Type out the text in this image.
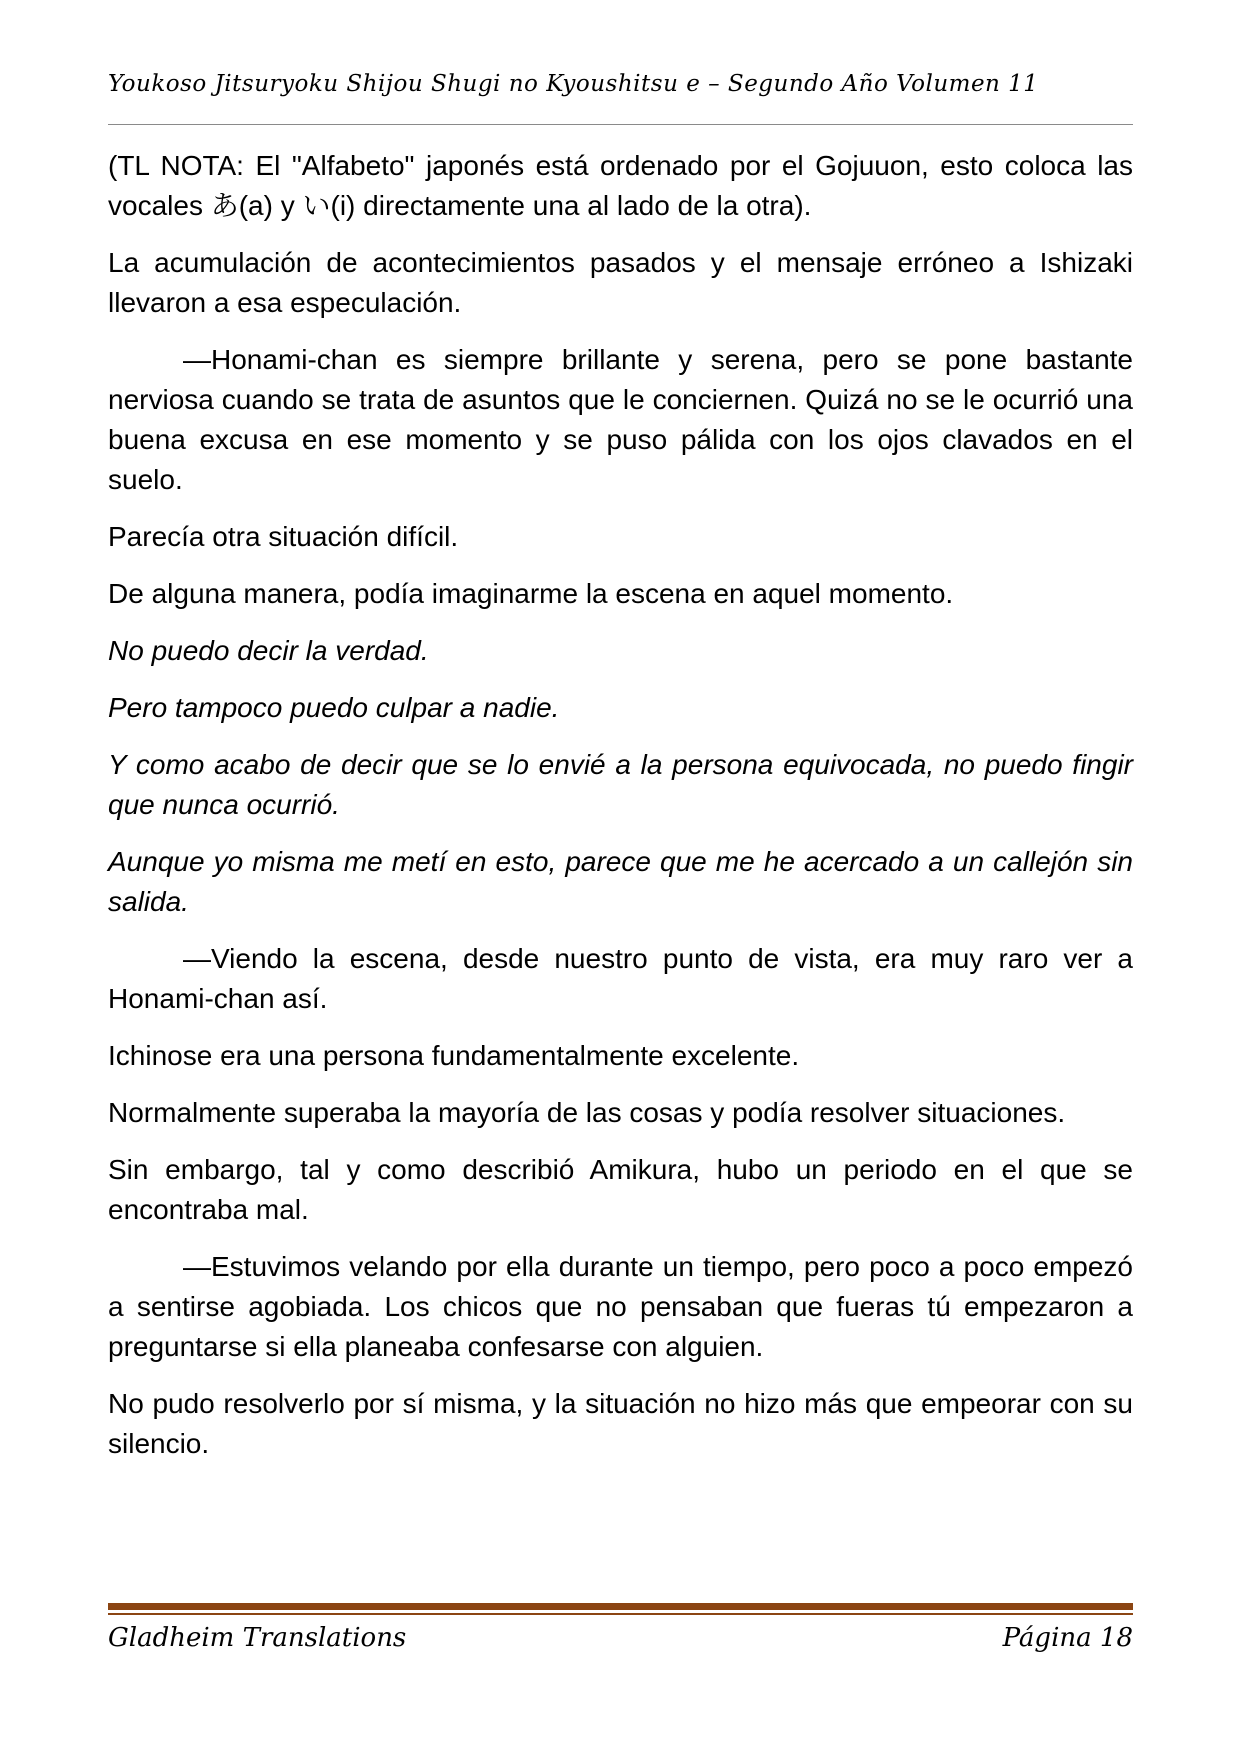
Youkoso Jitsuryoku Shijou Shugi no Kyoushitsu e – Segundo Año Volumen 11

(TL NOTA: El "Alfabeto" japonés está ordenado por el Gojuuon, esto coloca las vocales あ(a) y い(i) directamente una al lado de la otra).

La acumulación de acontecimientos pasados y el mensaje erróneo a Ishizaki llevaron a esa especulación.

—Honami-chan es siempre brillante y serena, pero se pone bastante nerviosa cuando se trata de asuntos que le conciernen. Quizá no se le ocurrió una buena excusa en ese momento y se puso pálida con los ojos clavados en el suelo.

Parecía otra situación difícil.

De alguna manera, podía imaginarme la escena en aquel momento.

No puedo decir la verdad.

Pero tampoco puedo culpar a nadie.

Y como acabo de decir que se lo envié a la persona equivocada, no puedo fingir que nunca ocurrió.

Aunque yo misma me metí en esto, parece que me he acercado a un callejón sin salida.

—Viendo la escena, desde nuestro punto de vista, era muy raro ver a Honami-chan así.

Ichinose era una persona fundamentalmente excelente.

Normalmente superaba la mayoría de las cosas y podía resolver situaciones.

Sin embargo, tal y como describió Amikura, hubo un periodo en el que se encontraba mal.

—Estuvimos velando por ella durante un tiempo, pero poco a poco empezó a sentirse agobiada. Los chicos que no pensaban que fueras tú empezaron a preguntarse si ella planeaba confesarse con alguien.

No pudo resolverlo por sí misma, y la situación no hizo más que empeorar con su silencio.

Gladheim Translations	Página 18
